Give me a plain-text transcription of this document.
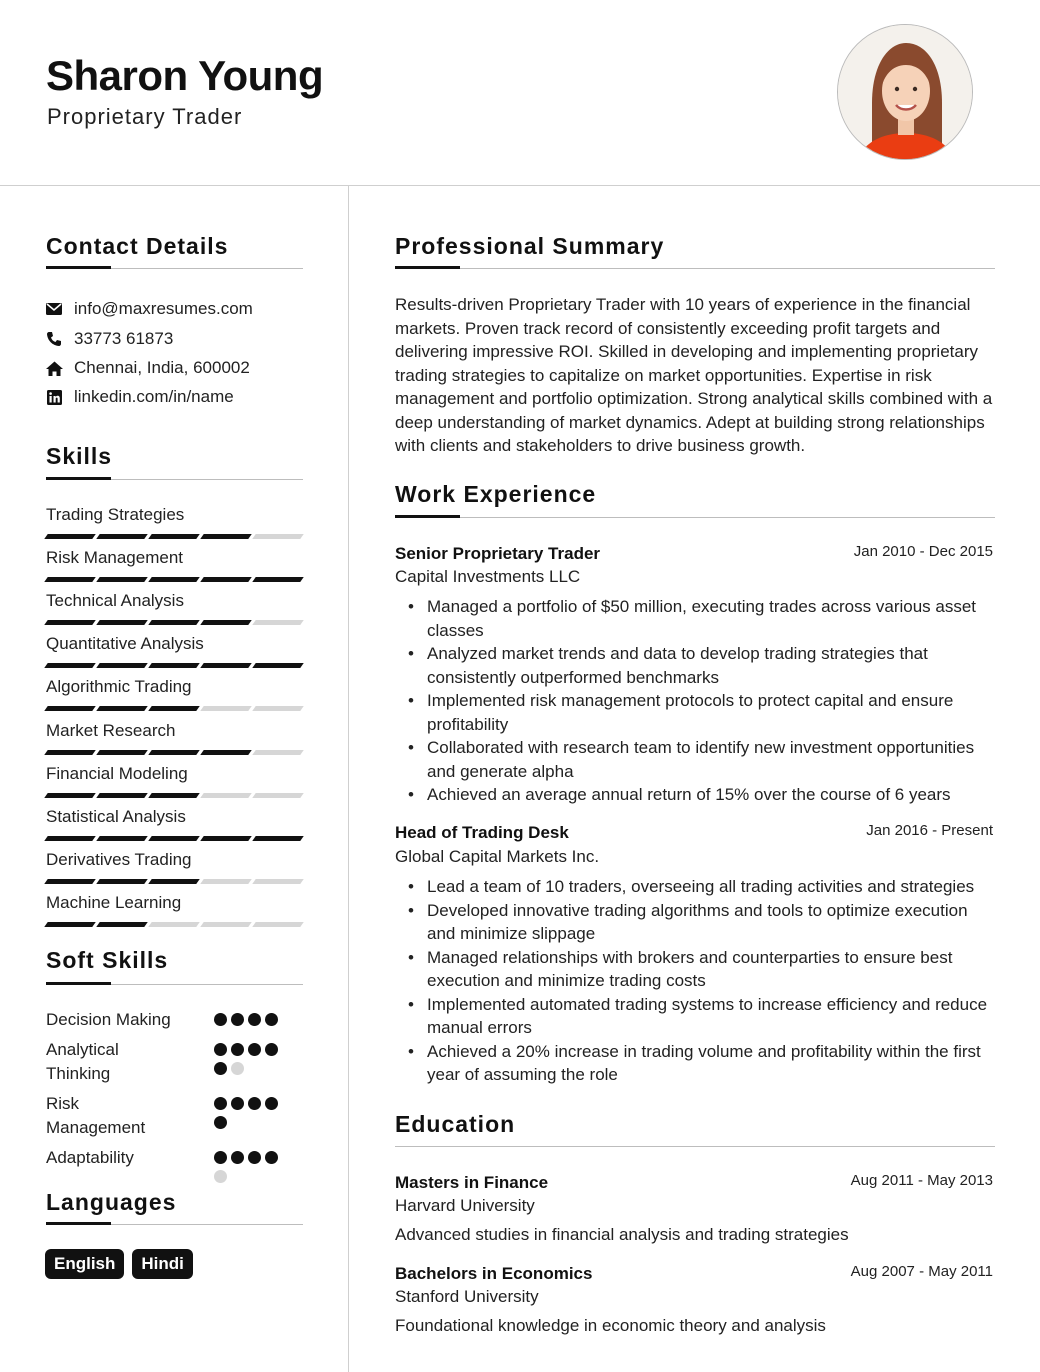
Sharon Young
Proprietary Trader
Contact Details
info@maxresumes.com
33773 61873
Chennai, India, 600002
linkedin.com/in/name
Skills
Trading Strategies
Risk Management
Technical Analysis
Quantitative Analysis
Algorithmic Trading
Market Research
Financial Modeling
Statistical Analysis
Derivatives Trading
Machine Learning
Soft Skills
Decision Making
Analytical Thinking
Risk Management
Adaptability
Languages
English	Hindi
Professional Summary
Results-driven Proprietary Trader with 10 years of experience in the financial markets. Proven track record of consistently exceeding profit targets and delivering impressive ROI. Skilled in developing and implementing proprietary trading strategies to capitalize on market opportunities. Expertise in risk management and portfolio optimization. Strong analytical skills combined with a deep understanding of market dynamics. Adept at building strong relationships with clients and stakeholders to drive business growth.
Work Experience
Senior Proprietary Trader	Jan 2010 - Dec 2015
Capital Investments LLC
• Managed a portfolio of $50 million, executing trades across various asset classes
• Analyzed market trends and data to develop trading strategies that consistently outperformed benchmarks
• Implemented risk management protocols to protect capital and ensure profitability
• Collaborated with research team to identify new investment opportunities and generate alpha
• Achieved an average annual return of 15% over the course of 6 years
Head of Trading Desk	Jan 2016 - Present
Global Capital Markets Inc.
• Lead a team of 10 traders, overseeing all trading activities and strategies
• Developed innovative trading algorithms and tools to optimize execution and minimize slippage
• Managed relationships with brokers and counterparties to ensure best execution and minimize trading costs
• Implemented automated trading systems to increase efficiency and reduce manual errors
• Achieved a 20% increase in trading volume and profitability within the first year of assuming the role
Education
Masters in Finance	Aug 2011 - May 2013
Harvard University
Advanced studies in financial analysis and trading strategies
Bachelors in Economics	Aug 2007 - May 2011
Stanford University
Foundational knowledge in economic theory and analysis
